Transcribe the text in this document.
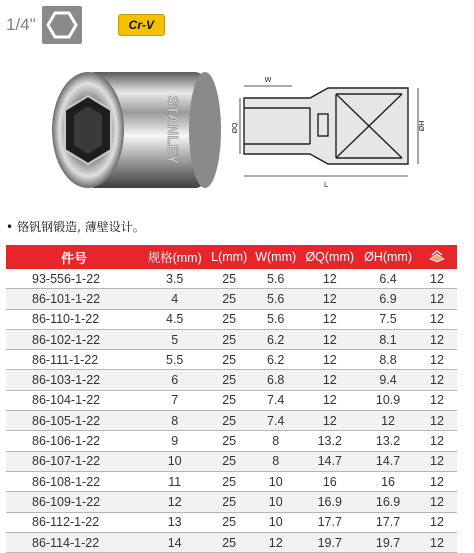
1/4"	Cr-V
STANLEY
W
L
ØQ	ØH
• 铬钒钢锻造, 薄壁设计。
件号	规格(mm)	L(mm)	W(mm)	ØQ(mm)	ØH(mm)	
93-556-1-22	3.5	25	5.6	12	6.4	12
86-101-1-22	4	25	5.6	12	6.9	12
86-110-1-22	4.5	25	5.6	12	7.5	12
86-102-1-22	5	25	6.2	12	8.1	12
86-111-1-22	5.5	25	6.2	12	8.8	12
86-103-1-22	6	25	6.8	12	9.4	12
86-104-1-22	7	25	7.4	12	10.9	12
86-105-1-22	8	25	7.4	12	12	12
86-106-1-22	9	25	8	13.2	13.2	12
86-107-1-22	10	25	8	14.7	14.7	12
86-108-1-22	11	25	10	16	16	12
86-109-1-22	12	25	10	16.9	16.9	12
86-112-1-22	13	25	10	17.7	17.7	12
86-114-1-22	14	25	12	19.7	19.7	12
